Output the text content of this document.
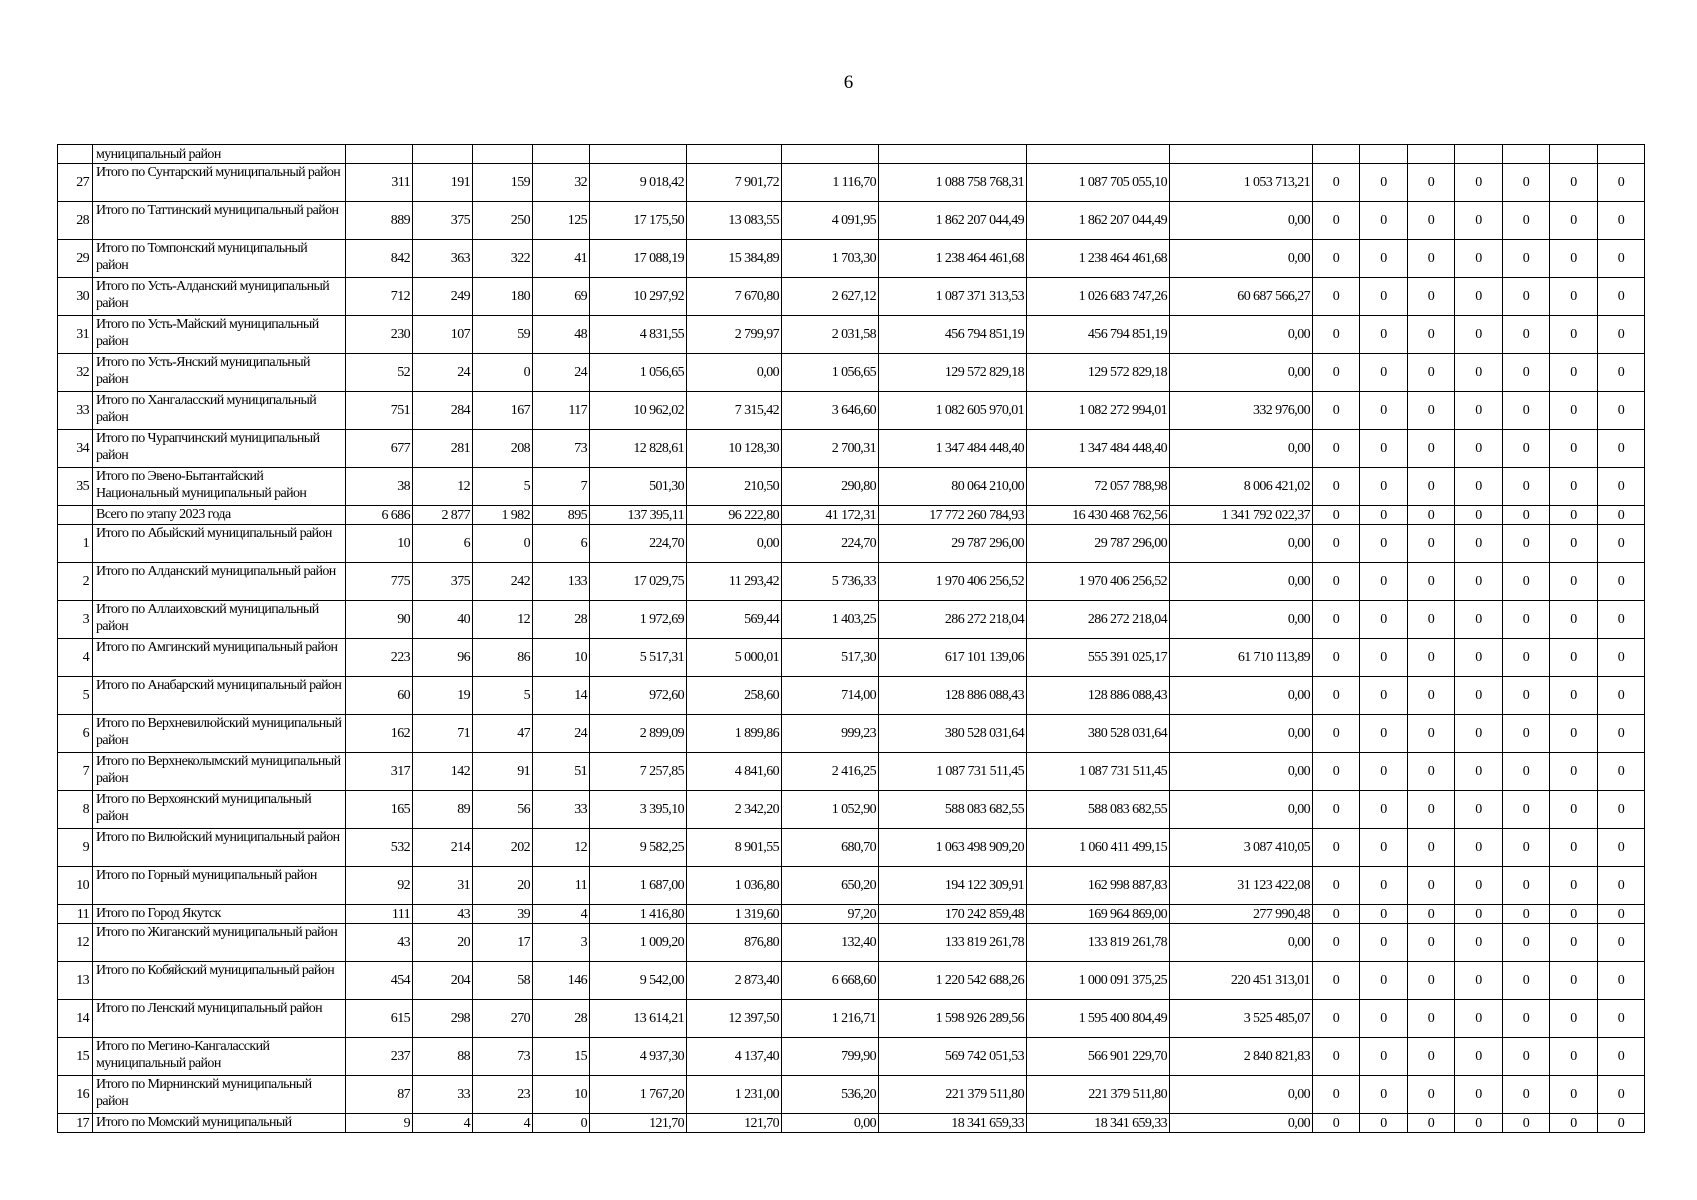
6
	муниципальный район																	
27	Итого по Сунтарский муниципальный район	311	191	159	32	9 018,42	7 901,72	1 116,70	1 088 758 768,31	1 087 705 055,10	1 053 713,21	0	0	0	0	0	0	0
28	Итого по Таттинский муниципальный район	889	375	250	125	17 175,50	13 083,55	4 091,95	1 862 207 044,49	1 862 207 044,49	0,00	0	0	0	0	0	0	0
29	Итого по Томпонский муниципальный район	842	363	322	41	17 088,19	15 384,89	1 703,30	1 238 464 461,68	1 238 464 461,68	0,00	0	0	0	0	0	0	0
30	Итого по Усть-Алданский муниципальный район	712	249	180	69	10 297,92	7 670,80	2 627,12	1 087 371 313,53	1 026 683 747,26	60 687 566,27	0	0	0	0	0	0	0
31	Итого по Усть-Майский муниципальный район	230	107	59	48	4 831,55	2 799,97	2 031,58	456 794 851,19	456 794 851,19	0,00	0	0	0	0	0	0	0
32	Итого по Усть-Янский муниципальный район	52	24	0	24	1 056,65	0,00	1 056,65	129 572 829,18	129 572 829,18	0,00	0	0	0	0	0	0	0
33	Итого по Хангаласский муниципальный район	751	284	167	117	10 962,02	7 315,42	3 646,60	1 082 605 970,01	1 082 272 994,01	332 976,00	0	0	0	0	0	0	0
34	Итого по Чурапчинский муниципальный район	677	281	208	73	12 828,61	10 128,30	2 700,31	1 347 484 448,40	1 347 484 448,40	0,00	0	0	0	0	0	0	0
35	Итого по Эвено-Бытантайский Национальный муниципальный район	38	12	5	7	501,30	210,50	290,80	80 064 210,00	72 057 788,98	8 006 421,02	0	0	0	0	0	0	0
	Всего по этапу 2023 года	6 686	2 877	1 982	895	137 395,11	96 222,80	41 172,31	17 772 260 784,93	16 430 468 762,56	1 341 792 022,37	0	0	0	0	0	0	0
1	Итого по Абыйский муниципальный район	10	6	0	6	224,70	0,00	224,70	29 787 296,00	29 787 296,00	0,00	0	0	0	0	0	0	0
2	Итого по Алданский муниципальный район	775	375	242	133	17 029,75	11 293,42	5 736,33	1 970 406 256,52	1 970 406 256,52	0,00	0	0	0	0	0	0	0
3	Итого по Аллаиховский муниципальный район	90	40	12	28	1 972,69	569,44	1 403,25	286 272 218,04	286 272 218,04	0,00	0	0	0	0	0	0	0
4	Итого по Амгинский муниципальный район	223	96	86	10	5 517,31	5 000,01	517,30	617 101 139,06	555 391 025,17	61 710 113,89	0	0	0	0	0	0	0
5	Итого по Анабарский муниципальный район	60	19	5	14	972,60	258,60	714,00	128 886 088,43	128 886 088,43	0,00	0	0	0	0	0	0	0
6	Итого по Верхневилюйский муниципальный район	162	71	47	24	2 899,09	1 899,86	999,23	380 528 031,64	380 528 031,64	0,00	0	0	0	0	0	0	0
7	Итого по Верхнеколымский муниципальный район	317	142	91	51	7 257,85	4 841,60	2 416,25	1 087 731 511,45	1 087 731 511,45	0,00	0	0	0	0	0	0	0
8	Итого по Верхоянский муниципальный район	165	89	56	33	3 395,10	2 342,20	1 052,90	588 083 682,55	588 083 682,55	0,00	0	0	0	0	0	0	0
9	Итого по Вилюйский муниципальный район	532	214	202	12	9 582,25	8 901,55	680,70	1 063 498 909,20	1 060 411 499,15	3 087 410,05	0	0	0	0	0	0	0
10	Итого по Горный муниципальный район	92	31	20	11	1 687,00	1 036,80	650,20	194 122 309,91	162 998 887,83	31 123 422,08	0	0	0	0	0	0	0
11	Итого по Город Якутск	111	43	39	4	1 416,80	1 319,60	97,20	170 242 859,48	169 964 869,00	277 990,48	0	0	0	0	0	0	0
12	Итого по Жиганский муниципальный район	43	20	17	3	1 009,20	876,80	132,40	133 819 261,78	133 819 261,78	0,00	0	0	0	0	0	0	0
13	Итого по Кобяйский муниципальный район	454	204	58	146	9 542,00	2 873,40	6 668,60	1 220 542 688,26	1 000 091 375,25	220 451 313,01	0	0	0	0	0	0	0
14	Итого по Ленский муниципальный район	615	298	270	28	13 614,21	12 397,50	1 216,71	1 598 926 289,56	1 595 400 804,49	3 525 485,07	0	0	0	0	0	0	0
15	Итого по Мегино-Кангаласский муниципальный район	237	88	73	15	4 937,30	4 137,40	799,90	569 742 051,53	566 901 229,70	2 840 821,83	0	0	0	0	0	0	0
16	Итого по Мирнинский муниципальный район	87	33	23	10	1 767,20	1 231,00	536,20	221 379 511,80	221 379 511,80	0,00	0	0	0	0	0	0	0
17	Итого по Момский муниципальный	9	4	4	0	121,70	121,70	0,00	18 341 659,33	18 341 659,33	0,00	0	0	0	0	0	0	0
